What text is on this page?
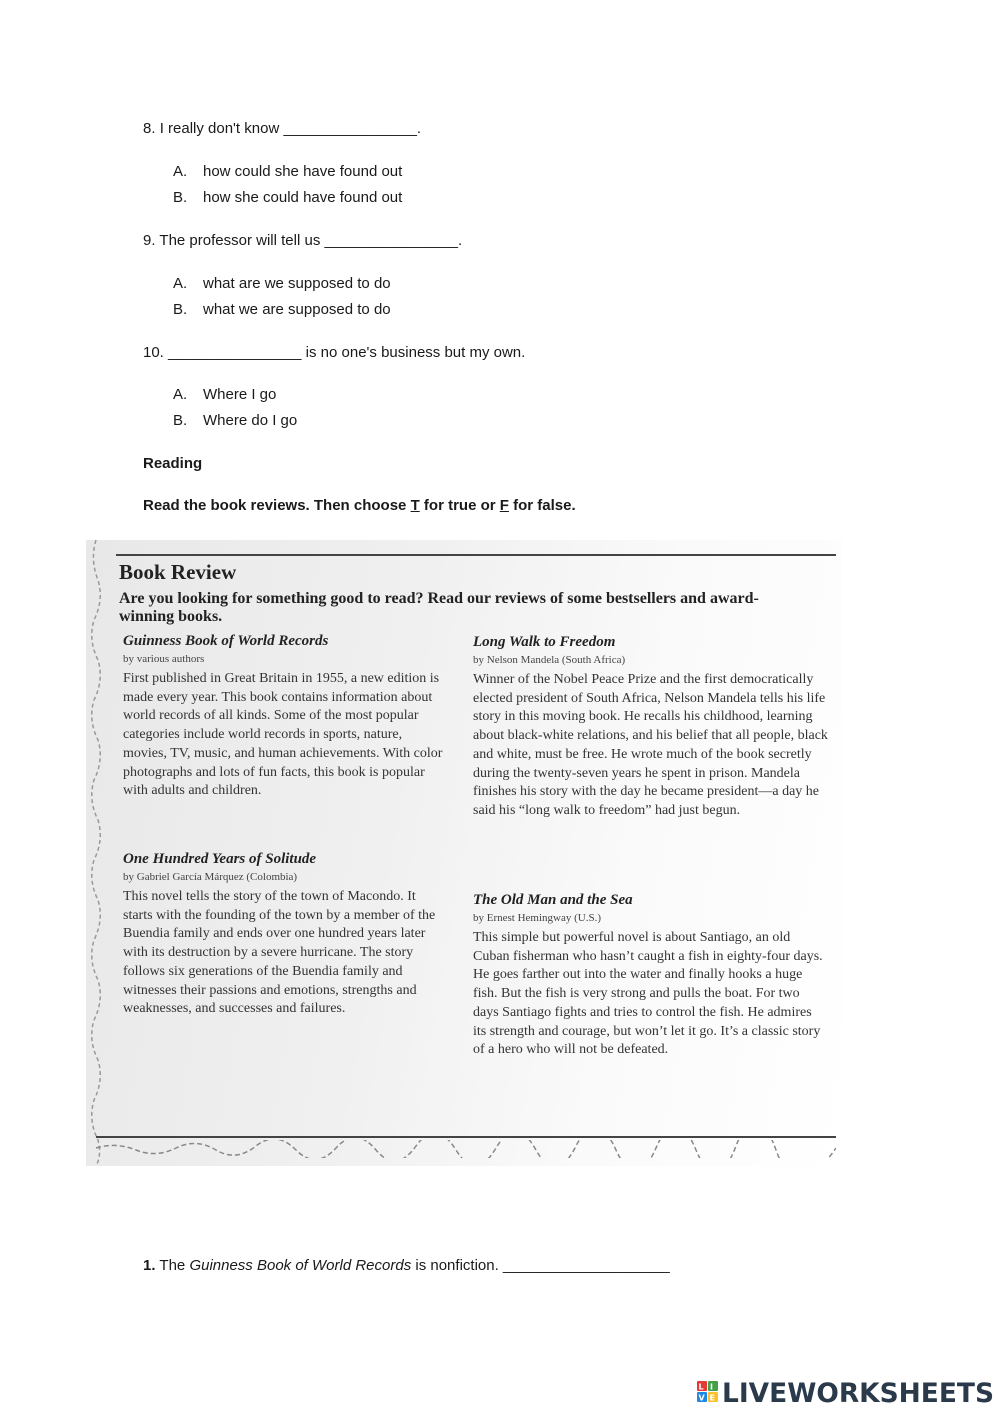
8. I really don't know ________________.
A. how could she have found out
B. how she could have found out
9. The professor will tell us ________________.
A. what are we supposed to do
B. what we are supposed to do
10. ________________ is no one's business but my own.
A. Where I go
B. Where do I go
Reading
Read the book reviews. Then choose T for true or F for false.
Book Review
Are you looking for something good to read? Read our reviews of some bestsellers and award-winning books.
Guinness Book of World Records
by various authors
First published in Great Britain in 1955, a new edition is made every year. This book contains information about world records of all kinds. Some of the most popular categories include world records in sports, nature, movies, TV, music, and human achievements. With color photographs and lots of fun facts, this book is popular with adults and children.
One Hundred Years of Solitude
by Gabriel García Márquez (Colombia)
This novel tells the story of the town of Macondo. It starts with the founding of the town by a member of the Buendia family and ends over one hundred years later with its destruction by a severe hurricane. The story follows six generations of the Buendia family and witnesses their passions and emotions, strengths and weaknesses, and successes and failures.
Long Walk to Freedom
by Nelson Mandela (South Africa)
Winner of the Nobel Peace Prize and the first democratically elected president of South Africa, Nelson Mandela tells his life story in this moving book. He recalls his childhood, learning about black-white relations, and his belief that all people, black and white, must be free. He wrote much of the book secretly during the twenty-seven years he spent in prison. Mandela finishes his story with the day he became president—a day he said his “long walk to freedom” had just begun.
The Old Man and the Sea
by Ernest Hemingway (U.S.)
This simple but powerful novel is about Santiago, an old Cuban fisherman who hasn’t caught a fish in eighty-four days. He goes farther out into the water and finally hooks a huge fish. But the fish is very strong and pulls the boat. For two days Santiago fights and tries to control the fish. He admires its strength and courage, but won’t let it go. It’s a classic story of a hero who will not be defeated.
1. The Guinness Book of World Records is nonfiction. ____________________
L I
V E LIVEWORKSHEETS
